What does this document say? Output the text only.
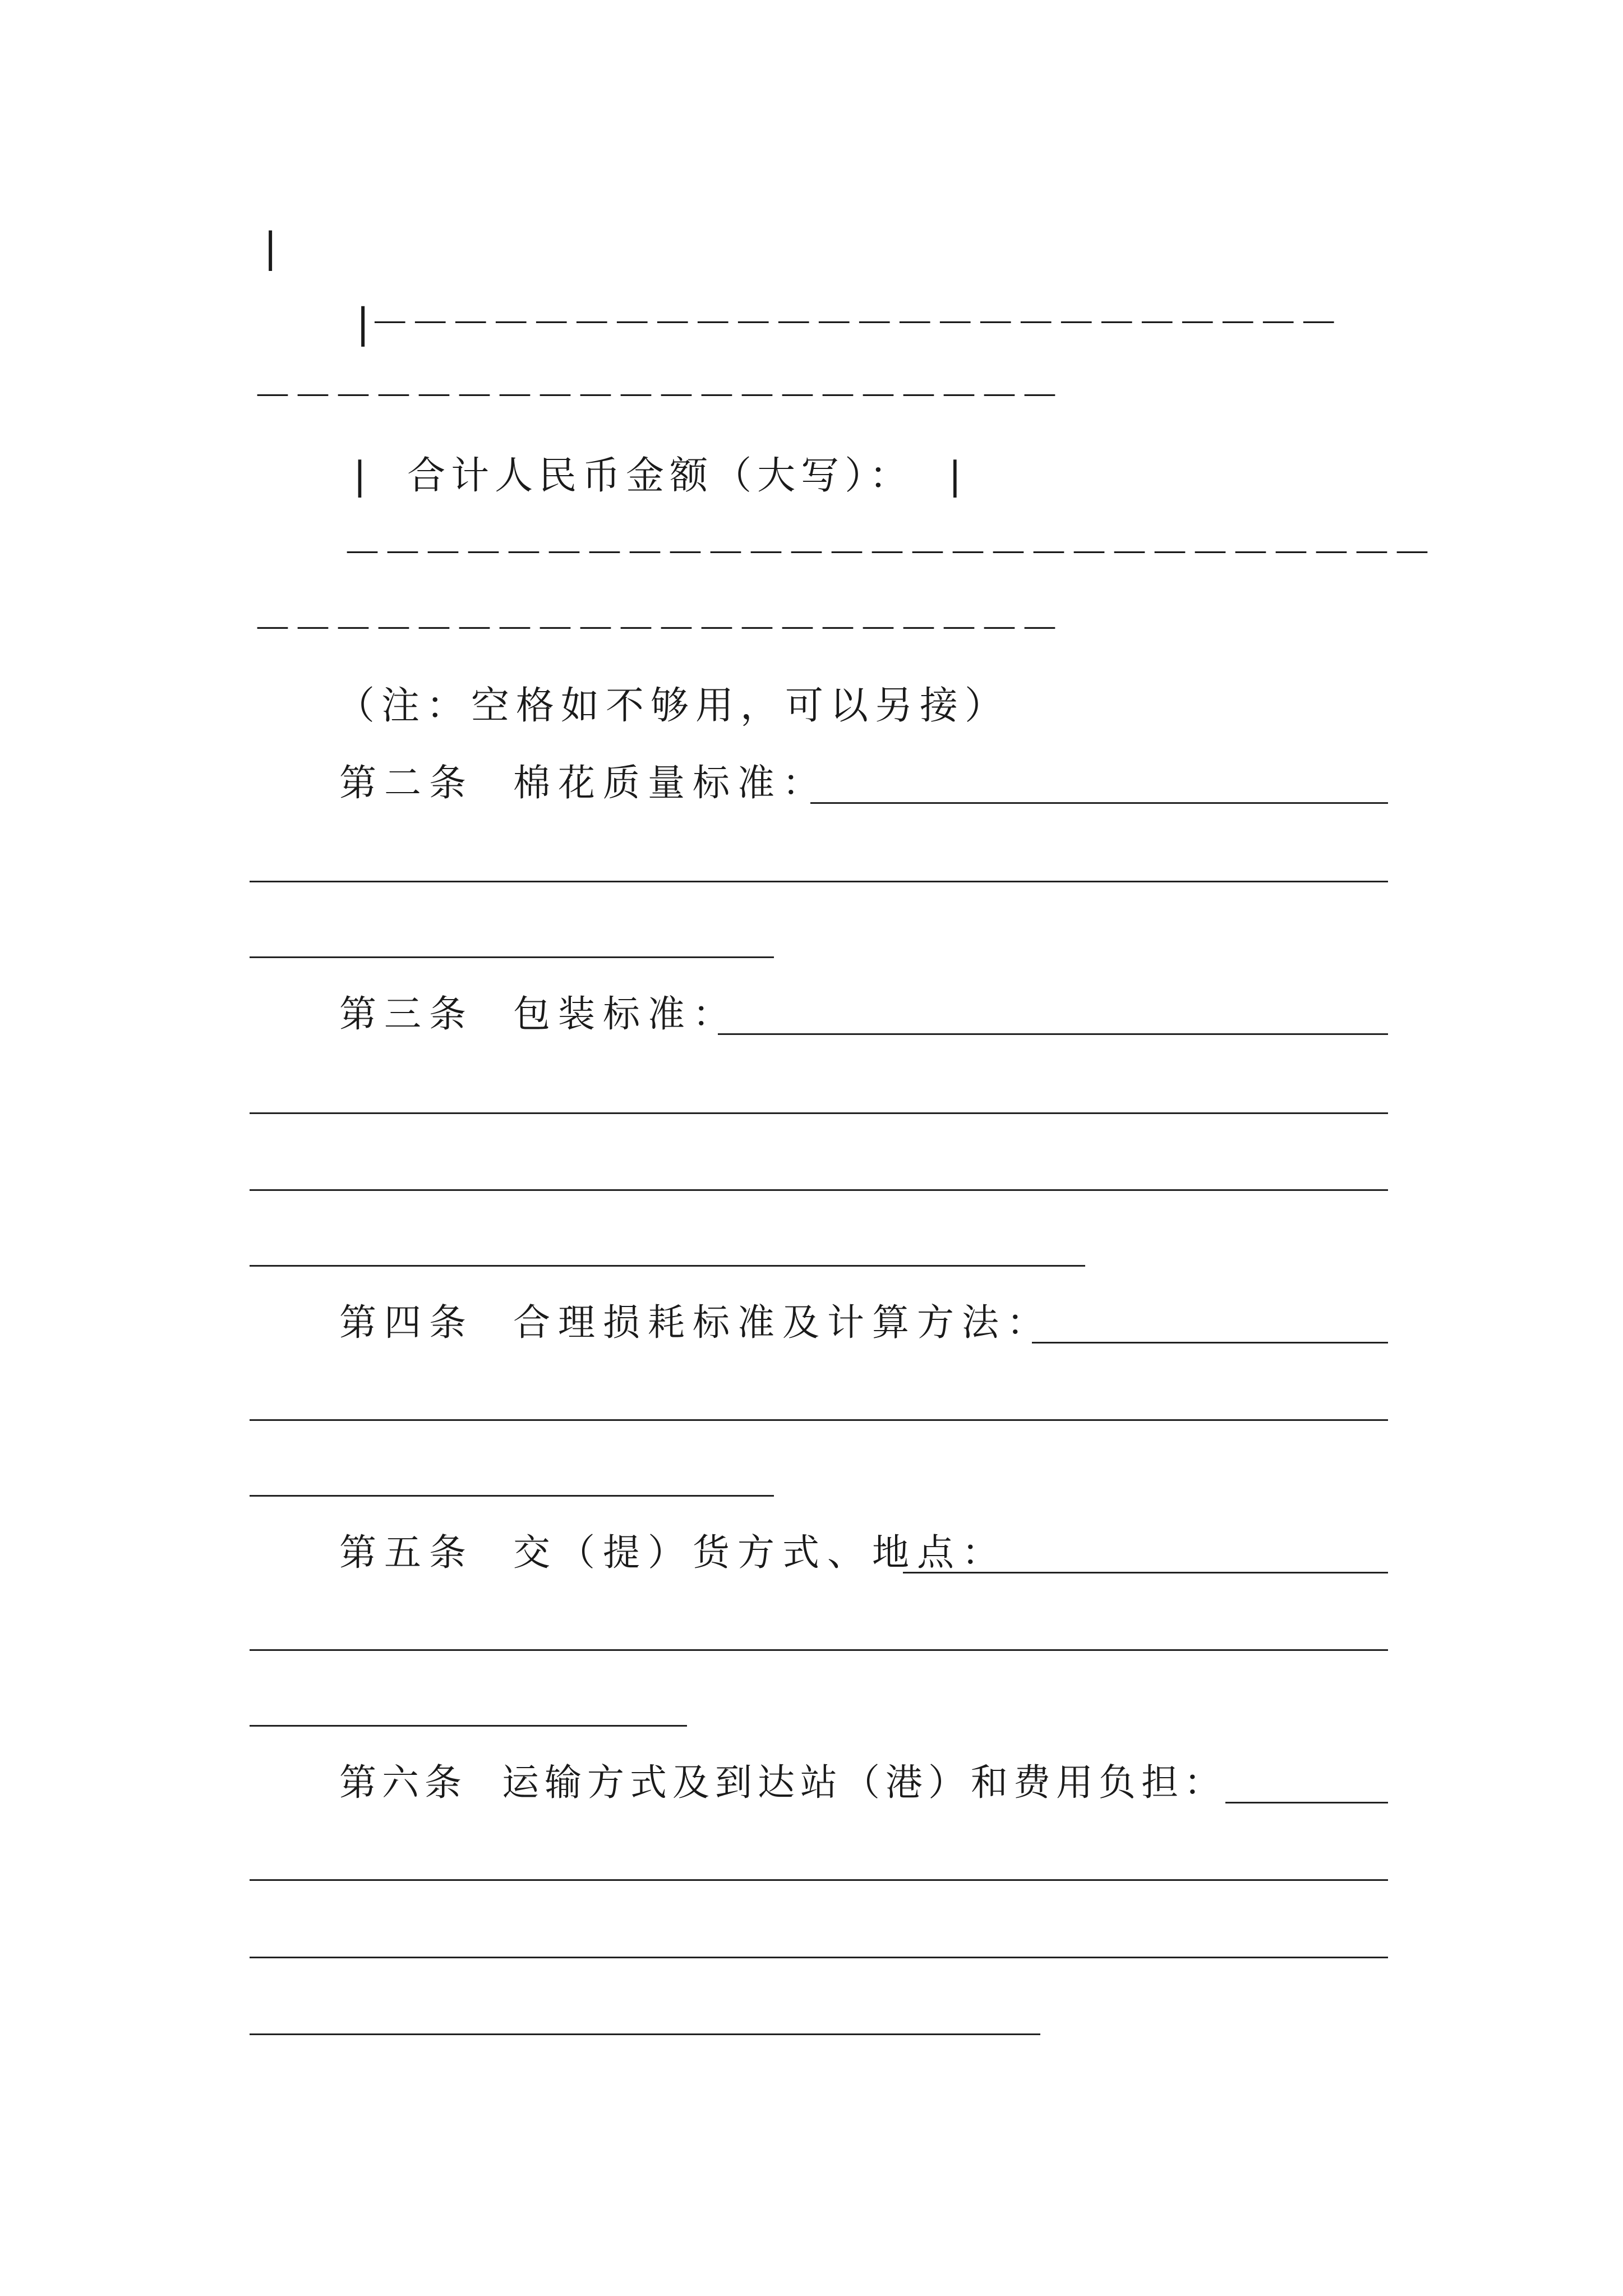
|
|－－－－－－－－－－－－－－－－－－－－－－－－
－－－－－－－－－－－－－－－－－－－－
|  合计人民币金额（大写）：  |
－－－－－－－－－－－－－－－－－－－－－－－－－－－
－－－－－－－－－－－－－－－－－－－－
（注：空格如不够用，可以另接）
第二条  棉花质量标准：
第三条  包装标准：
第四条  合理损耗标准及计算方法：
第五条  交（提）货方式、地点：
第六条  运输方式及到达站（港）和费用负担：
